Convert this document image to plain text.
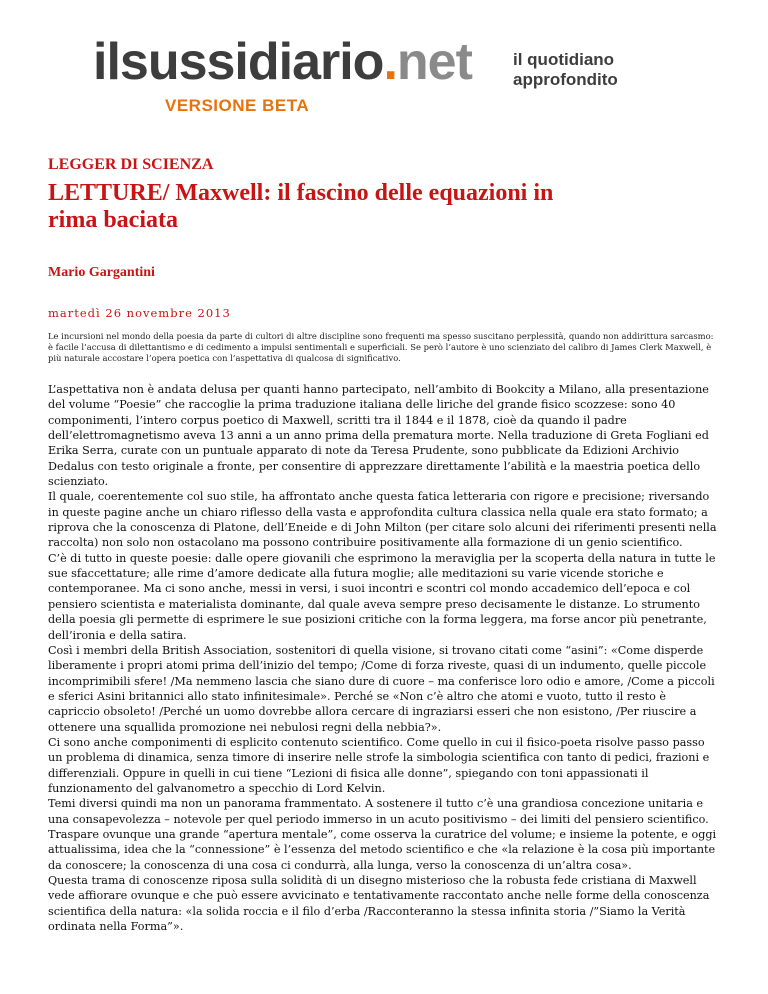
ilsussidiario.net
VERSIONE BETA
il quotidiano
approfondito
LEGGER DI SCIENZA
LETTURE/ Maxwell: il fascino delle equazioni in rima baciata
Mario Gargantini
martedì 26 novembre 2013
Le incursioni nel mondo della poesia da parte di cultori di altre discipline sono frequenti ma spesso suscitano perplessità, quando non addirittura sarcasmo: è facile l’accusa di dilettantismo e di cedimento a impulsi sentimentali e superficiali. Se però l’autore è uno scienziato del calibro di James Clerk Maxwell, è più naturale accostare l’opera poetica con l’aspettativa di qualcosa di significativo.

L’aspettativa non è andata delusa per quanti hanno partecipato, nell’ambito di Bookcity a Milano, alla presentazione del volume “Poesie” che raccoglie la prima traduzione italiana delle liriche del grande fisico scozzese: sono 40 componimenti, l’intero corpus poetico di Maxwell, scritti tra il 1844 e il 1878, cioè da quando il padre dell’elettromagnetismo aveva 13 anni a un anno prima della prematura morte. Nella traduzione di Greta Fogliani ed Erika Serra, curate con un puntuale apparato di note da Teresa Prudente, sono pubblicate da Edizioni Archivio Dedalus con testo originale a fronte, per consentire di apprezzare direttamente l’abilità e la maestria poetica dello scienziato.

Il quale, coerentemente col suo stile, ha affrontato anche questa fatica letteraria con rigore e precisione; riversando in queste pagine anche un chiaro riflesso della vasta e approfondita cultura classica nella quale era stato formato; a riprova che la conoscenza di Platone, dell’Eneide e di John Milton (per citare solo alcuni dei riferimenti presenti nella raccolta) non solo non ostacolano ma possono contribuire positivamente alla formazione di un genio scientifico.

C’è di tutto in queste poesie: dalle opere giovanili che esprimono la meraviglia per la scoperta della natura in tutte le sue sfaccettature; alle rime d’amore dedicate alla futura moglie; alle meditazioni su varie vicende storiche e contemporanee. Ma ci sono anche, messi in versi, i suoi incontri e scontri col mondo accademico dell’epoca e col pensiero scientista e materialista dominante, dal quale aveva sempre preso decisamente le distanze. Lo strumento della poesia gli permette di esprimere le sue posizioni critiche con la forma leggera, ma forse ancor più penetrante, dell’ironia e della satira.

Così i membri della British Association, sostenitori di quella visione, si trovano citati come “asini”: «Come disperde liberamente i propri atomi prima dell’inizio del tempo; /Come di forza riveste, quasi di un indumento, quelle piccole incomprimibili sfere! /Ma nemmeno lascia che siano dure di cuore – ma conferisce loro odio e amore, /Come a piccoli e sferici Asini britannici allo stato infinitesimale». Perché se «Non c’è altro che atomi e vuoto, tutto il resto è capriccio obsoleto! /Perché un uomo dovrebbe allora cercare di ingraziarsi esseri che non esistono, /Per riuscire a ottenere una squallida promozione nei nebulosi regni della nebbia?».

Ci sono anche componimenti di esplicito contenuto scientifico. Come quello in cui il fisico-poeta risolve passo passo un problema di dinamica, senza timore di inserire nelle strofe la simbologia scientifica con tanto di pedici, frazioni e differenziali. Oppure in quelli in cui tiene “Lezioni di fisica alle donne”, spiegando con toni appassionati il funzionamento del galvanometro a specchio di Lord Kelvin.

Temi diversi quindi ma non un panorama frammentato. A sostenere il tutto c’è una grandiosa concezione unitaria e una consapevolezza – notevole per quel periodo immerso in un acuto positivismo – dei limiti del pensiero scientifico. Traspare ovunque una grande “apertura mentale”, come osserva la curatrice del volume; e insieme la potente, e oggi attualissima, idea che la “connessione” è l’essenza del metodo scientifico e che «la relazione è la cosa più importante da conoscere; la conoscenza di una cosa ci condurrà, alla lunga, verso la conoscenza di un’altra cosa».

Questa trama di conoscenze riposa sulla solidità di un disegno misterioso che la robusta fede cristiana di Maxwell vede affiorare ovunque e che può essere avvicinato e tentativamente raccontato anche nelle forme della conoscenza scientifica della natura: «la solida roccia e il filo d’erba /Racconteranno la stessa infinita storia /”Siamo la Verità ordinata nella Forma”».
